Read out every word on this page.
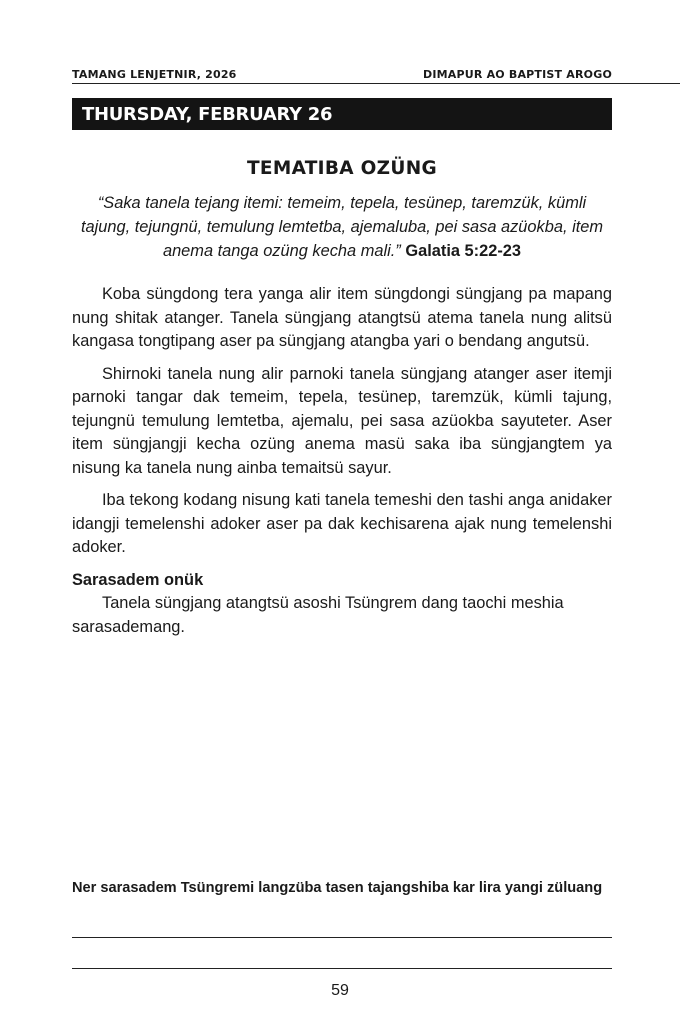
TAMANG LENJETNIR, 2026	DIMAPUR AO BAPTIST AROGO
THURSDAY, FEBRUARY 26
TEMATIBA OZÜNG
“Saka tanela tejang itemi: temeim, tepela, tesünep, taremzük, kümli tajung, tejungnü, temulung lemtetba, ajemaluba, pei sasa azüokba, item anema tanga ozüng kecha mali.” Galatia 5:22-23

Koba süngdong tera yanga alir item süngdongi süngjang pa mapang nung shitak atanger. Tanela süngjang atangtsü atema tanela nung alitsü kangasa tongtipang aser pa süngjang atangba yari o bendang angutsü.

Shirnoki tanela nung alir parnoki tanela süngjang atanger aser itemji parnoki tangar dak temeim, tepela, tesünep, taremzük, kümli tajung, tejungnü temulung lemtetba, ajemalu, pei sasa azüokba sayuteter. Aser item süngjangji kecha ozüng anema masü saka iba süngjangtem ya nisung ka tanela nung ainba temaitsü sayur.

Iba tekong kodang nisung kati tanela temeshi den tashi anga anidaker idangji temelenshi adoker aser pa dak kechisarena ajak nung temelenshi adoker.

Sarasadem onük

Tanela süngjang atangtsü asoshi Tsüngrem dang taochi meshia sarasademang.

Ner sarasadem Tsüngremi langzüba tasen tajangshiba kar lira yangi züluang
59
